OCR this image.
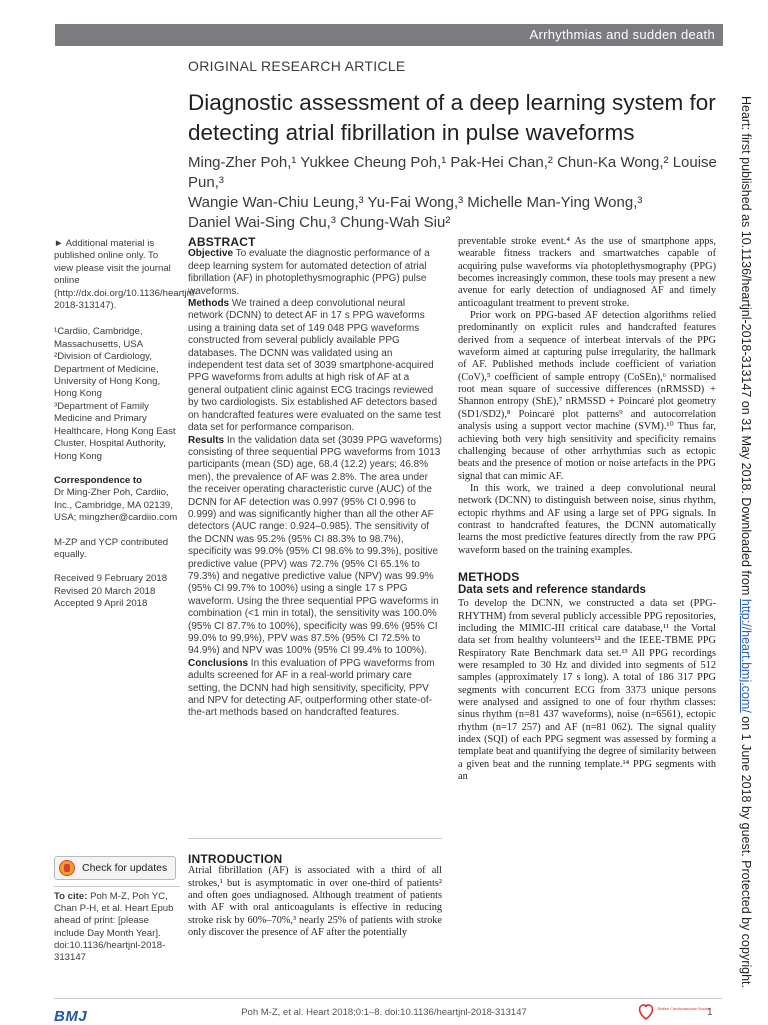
Arrhythmias and sudden death
ORIGINAL RESEARCH ARTICLE
Diagnostic assessment of a deep learning system for
detecting atrial fibrillation in pulse waveforms
Ming-Zher Poh,¹ Yukkee Cheung Poh,¹ Pak-Hei Chan,² Chun-Ka Wong,² Louise Pun,³
Wangie Wan-Chiu Leung,³ Yu-Fai Wong,³ Michelle Man-Ying Wong,³
Daniel Wai-Sing Chu,³ Chung-Wah Siu²	Heart: first published as 10.1136/heartjnl-2018-313147 on 31 May 2018. Downloaded from http://heart.bmj.com/ on 1 June 2018 by guest. Protected by copyright.

► Additional material is published online only. To view please visit the journal online (http://dx.doi.org/10.1136/heartjnl-2018-313147).

¹Cardiio, Cambridge, Massachusetts, USA

²Division of Cardiology, Department of Medicine, University of Hong Kong, Hong Kong

³Department of Family Medicine and Primary Healthcare, Hong Kong East Cluster, Hospital Authority, Hong Kong

Correspondence to

Dr Ming-Zher Poh, Cardiio, Inc., Cambridge, MA 02139, USA; mingzher@cardiio.com

M-ZP and YCP contributed equally.

Received 9 February 2018

Revised 20 March 2018

Accepted 9 April 2018

Check for updates

To cite: Poh M-Z, Poh YC, Chan P-H, et al. Heart Epub ahead of print: [please include Day Month Year]. doi:10.1136/heartjnl-2018-313147

ABSTRACT

Objective To evaluate the diagnostic performance of a deep learning system for automated detection of atrial fibrillation (AF) in photoplethysmographic (PPG) pulse waveforms.

Methods We trained a deep convolutional neural network (DCNN) to detect AF in 17 s PPG waveforms using a training data set of 149 048 PPG waveforms constructed from several publicly available PPG databases. The DCNN was validated using an independent test data set of 3039 smartphone-acquired PPG waveforms from adults at high risk of AF at a general outpatient clinic against ECG tracings reviewed by two cardiologists. Six established AF detectors based on handcrafted features were evaluated on the same test data set for performance comparison.

Results In the validation data set (3039 PPG waveforms) consisting of three sequential PPG waveforms from 1013 participants (mean (SD) age, 68.4 (12.2) years; 46.8% men), the prevalence of AF was 2.8%. The area under the receiver operating characteristic curve (AUC) of the DCNN for AF detection was 0.997 (95% CI 0.996 to 0.999) and was significantly higher than all the other AF detectors (AUC range: 0.924–0.985). The sensitivity of the DCNN was 95.2% (95% CI 88.3% to 98.7%), specificity was 99.0% (95% CI 98.6% to 99.3%), positive predictive value (PPV) was 72.7% (95% CI 65.1% to 79.3%) and negative predictive value (NPV) was 99.9% (95% CI 99.7% to 100%) using a single 17 s PPG waveform. Using the three sequential PPG waveforms in combination (<1 min in total), the sensitivity was 100.0% (95% CI 87.7% to 100%), specificity was 99.6% (95% CI 99.0% to 99.9%), PPV was 87.5% (95% CI 72.5% to 94.9%) and NPV was 100% (95% CI 99.4% to 100%).

Conclusions In this evaluation of PPG waveforms from adults screened for AF in a real-world primary care setting, the DCNN had high sensitivity, specificity, PPV and NPV for detecting AF, outperforming other state-of-the-art methods based on handcrafted features.

INTRODUCTION

Atrial fibrillation (AF) is associated with a third of all strokes,¹ but is asymptomatic in over one-third of patients² and often goes undiagnosed. Although treatment of patients with AF with oral anticoagulants is effective in reducing stroke risk by 60%–70%,³ nearly 25% of patients with stroke only discover the presence of AF after the potentially

preventable stroke event.⁴ As the use of smartphone apps, wearable fitness trackers and smartwatches capable of acquiring pulse waveforms via photoplethysmography (PPG) becomes increasingly common, these tools may present a new avenue for early detection of undiagnosed AF and timely anticoagulant treatment to prevent stroke.

Prior work on PPG-based AF detection algorithms relied predominantly on explicit rules and handcrafted features derived from a sequence of interbeat intervals of the PPG waveform aimed at capturing pulse irregularity, the hallmark of AF. Published methods include coefficient of variation (CoV),⁵ coefficient of sample entropy (CoSEn),⁶ normalised root mean square of successive differences (nRMSSD) + Shannon entropy (ShE),⁷ nRMSSD + Poincaré plot geometry (SD1/SD2),⁸ Poincaré plot patterns⁹ and autocorrelation analysis using a support vector machine (SVM).¹⁰ Thus far, achieving both very high sensitivity and specificity remains challenging because of other arrhythmias such as ectopic beats and the presence of motion or noise artefacts in the PPG signal that can mimic AF.

In this work, we trained a deep convolutional neural network (DCNN) to distinguish between noise, sinus rhythm, ectopic rhythms and AF using a large set of PPG signals. In contrast to handcrafted features, the DCNN automatically learns the most predictive features directly from the raw PPG waveform based on the training examples.

METHODS
Data sets and reference standards

To develop the DCNN, we constructed a data set (PPG-RHYTHM) from several publicly accessible PPG repositories, including the MIMIC-III critical care database,¹¹ the Vortal data set from healthy volunteers¹² and the IEEE-TBME PPG Respiratory Rate Benchmark data set.¹³ All PPG recordings were resampled to 30 Hz and divided into segments of 512 samples (approximately 17 s long). A total of 186 317 PPG segments with concurrent ECG from 3373 unique persons were analysed and assigned to one of four rhythm classes: sinus rhythm (n=81 437 waveforms), noise (n=6561), ectopic rhythm (n=17 257) and AF (n=81 062). The signal quality index (SQI) of each PPG segment was assessed by forming a template beat and quantifying the degree of similarity between a given beat and the running template.¹⁴ PPG segments with an

BMJ	Poh M-Z, et al. Heart 2018;0:1–8. doi:10.1136/heartjnl-2018-313147	British Cardiovascular Society
1
